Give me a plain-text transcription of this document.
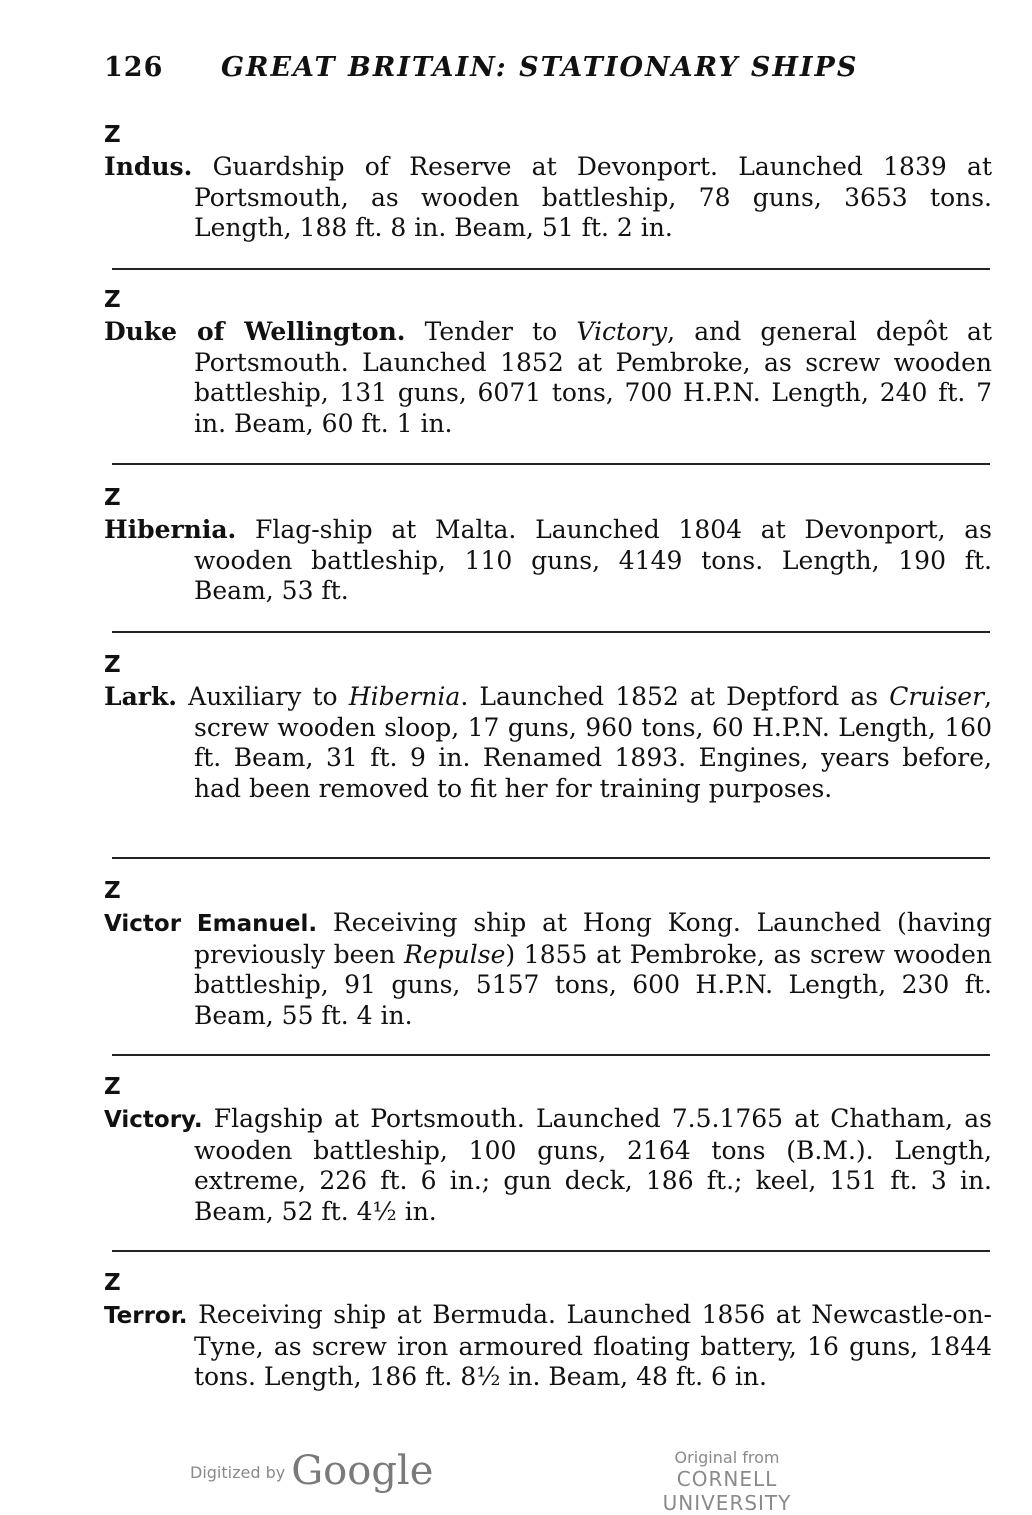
126 GREAT BRITAIN: STATIONARY SHIPS
Z
Indus. Guardship of Reserve at Devonport. Launched 1839 at Portsmouth, as wooden battleship, 78 guns, 3653 tons. Length, 188 ft. 8 in. Beam, 51 ft. 2 in.
Z
Duke of Wellington. Tender to Victory, and general depôt at Portsmouth. Launched 1852 at Pembroke, as screw wooden battleship, 131 guns, 6071 tons, 700 H.P.N. Length, 240 ft. 7 in. Beam, 60 ft. 1 in.
Z
Hibernia. Flag-ship at Malta. Launched 1804 at Devonport, as wooden battleship, 110 guns, 4149 tons. Length, 190 ft. Beam, 53 ft.
Z
Lark. Auxiliary to Hibernia. Launched 1852 at Deptford as Cruiser, screw wooden sloop, 17 guns, 960 tons, 60 H.P.N. Length, 160 ft. Beam, 31 ft. 9 in. Renamed 1893. Engines, years before, had been removed to fit her for training purposes.
Z
Victor Emanuel. Receiving ship at Hong Kong. Launched (having previously been Repulse) 1855 at Pembroke, as screw wooden battleship, 91 guns, 5157 tons, 600 H.P.N. Length, 230 ft. Beam, 55 ft. 4 in.
Z
Victory. Flagship at Portsmouth. Launched 7.5.1765 at Chatham, as wooden battleship, 100 guns, 2164 tons (B.M.). Length, extreme, 226 ft. 6 in.; gun deck, 186 ft.; keel, 151 ft. 3 in. Beam, 52 ft. 4½ in.
Z
Terror. Receiving ship at Bermuda. Launched 1856 at Newcastle-on-Tyne, as screw iron armoured floating battery, 16 guns, 1844 tons. Length, 186 ft. 8½ in. Beam, 48 ft. 6 in.
Digitized by Google	Original from
CORNELL UNIVERSITY
